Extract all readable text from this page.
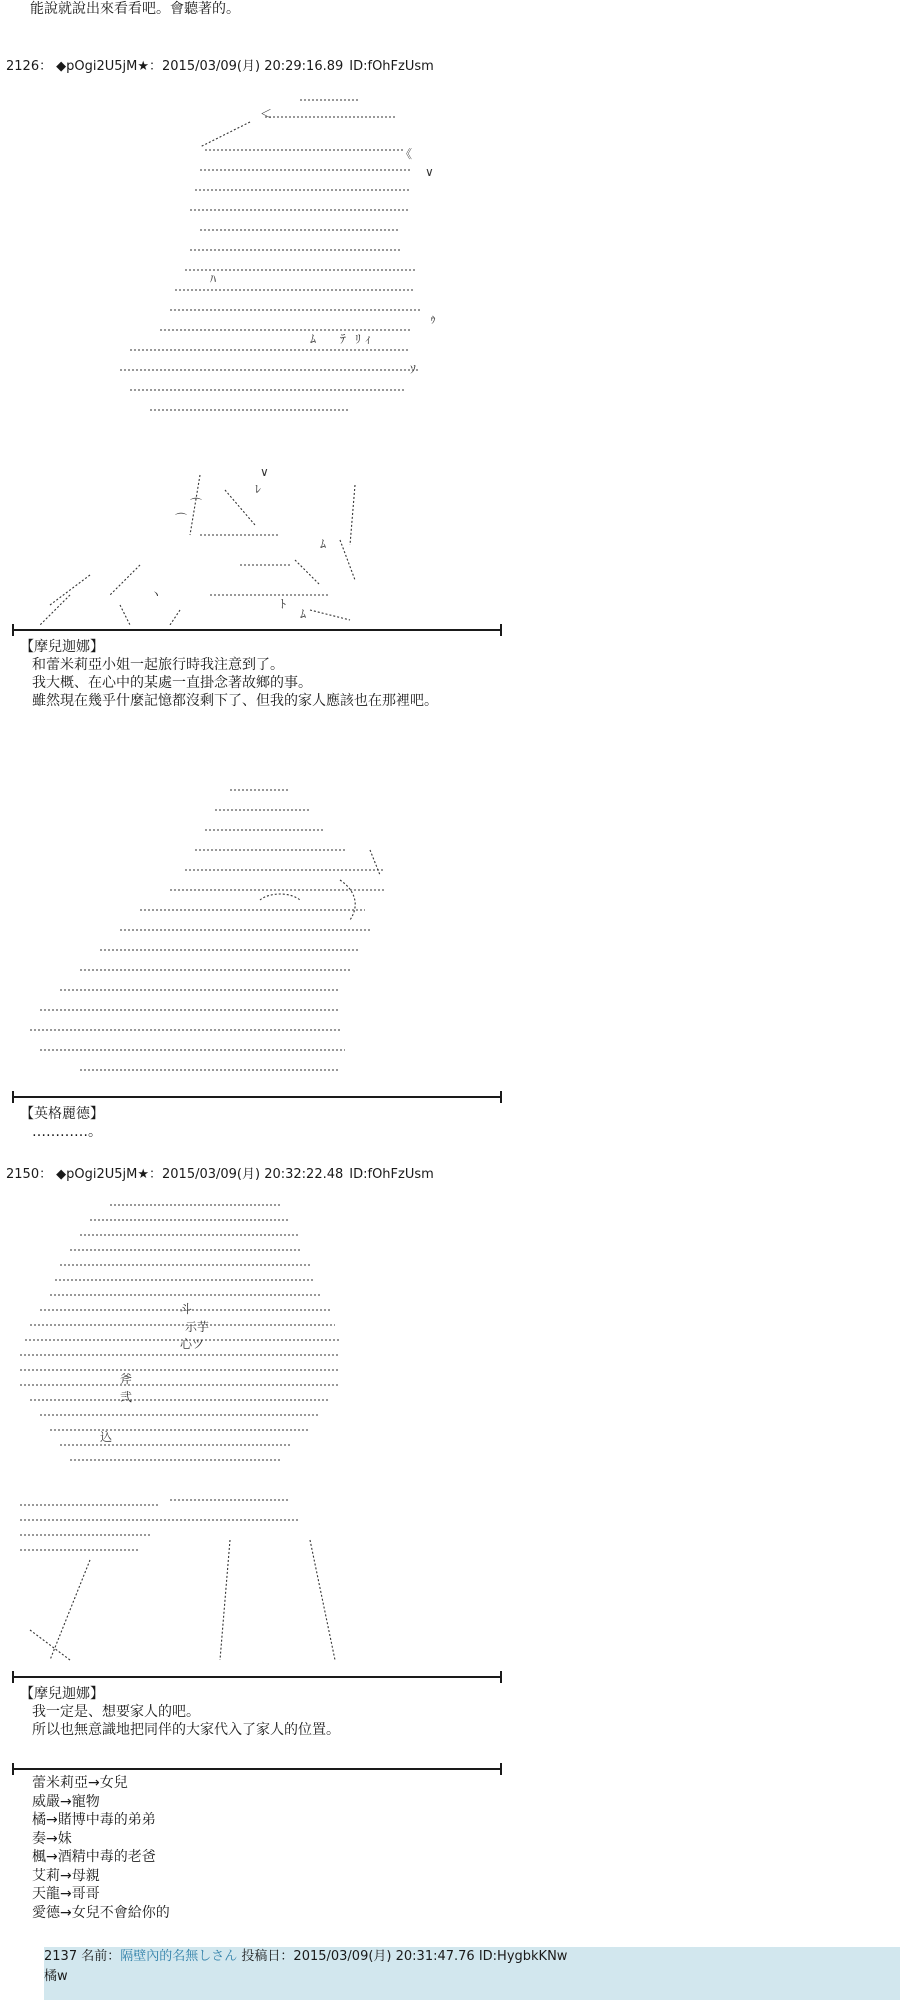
能說就說出來看看吧。會聽著的。
2126： ◆pOgi2U5jM★：2015/03/09(月) 20:29:16.89 ID:fOhFzUsm
＜
《
∨
ﾊ
ﾄ
ｿ
⌒
ヽ
ﾚ
⌒
ﾑ
∨
ﾑ ﾃ ﾘ ｨ
ﾑ
ｩ
【摩兒迦娜】
和蕾米莉亞小姐一起旅行時我注意到了。
我大概、在心中的某處一直掛念著故鄉的事。
雖然現在幾乎什麼記憶都沒剩下了、但我的家人應該也在那裡吧。
【英格麗德】
…………。
2150： ◆pOgi2U5jM★：2015/03/09(月) 20:32:22.48 ID:fOhFzUsm
斗
示芋
心ツ
斧
弐
込
【摩兒迦娜】
我一定是、想要家人的吧。
所以也無意識地把同伴的大家代入了家人的位置。
蕾米莉亞→女兒
威嚴→寵物
橘→賭博中毒的弟弟
奏→妹
楓→酒精中毒的老爸
艾莉→母親
天龍→哥哥
愛德→女兒不會給你的
2137 名前：隔壁內的名無しさん 投稿日：2015/03/09(月) 20:31:47.76 ID:HygbkKNw
橘w
